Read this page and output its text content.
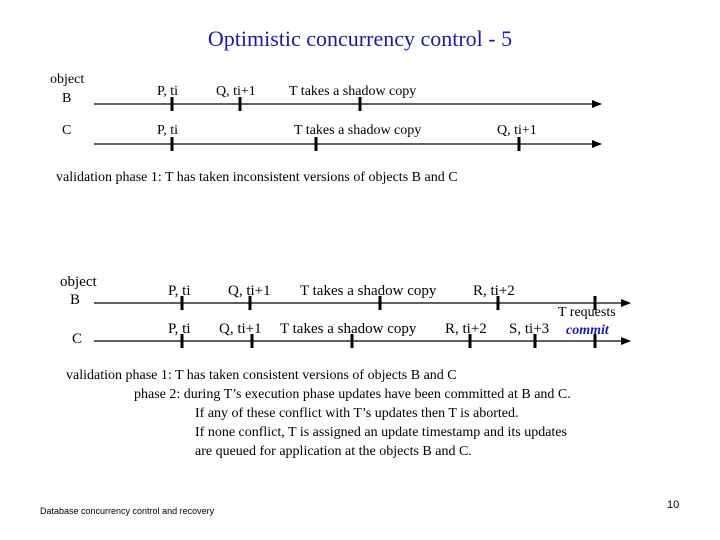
Optimistic concurrency control - 5
object
B
C
P, ti	Q, ti+1 T takes a shadow copy
P, ti	T takes a shadow copy	Q, ti+1
validation phase 1: T has taken inconsistent versions of objects B and C
object
B
C
P, ti Q, ti+1 T takes a shadow copy R, ti+2
P, ti Q, ti+1 T takes a shadow copy R, ti+2 S, ti+3
T requests
commit
validation phase 1: T has taken consistent versions of objects B and C
phase 2: during T’s execution phase updates have been committed at B and C.
If any of these conflict with T’s updates then T is aborted.
If none conflict, T is assigned an update timestamp and its updates
are queued for application at the objects B and C.
Database concurrency control and recovery	10
